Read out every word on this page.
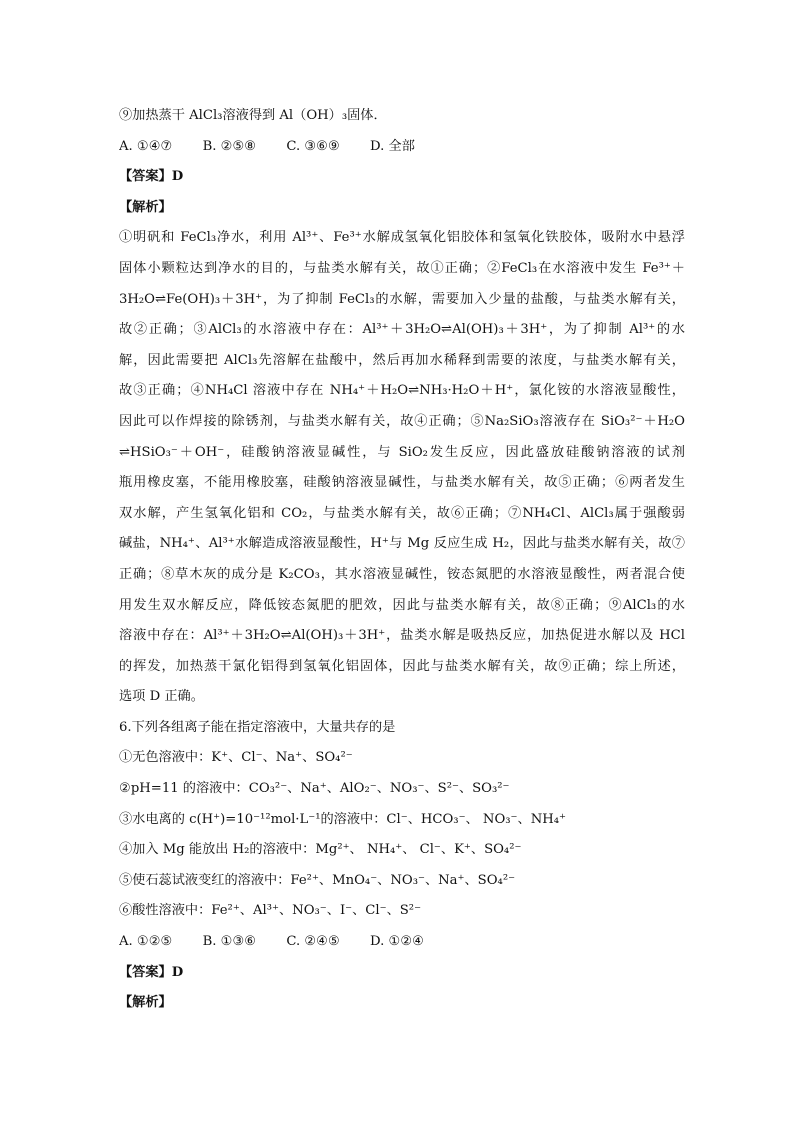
⑨加热蒸干 AlCl₃溶液得到 Al（OH）₃固体．
A. ①④⑦ B. ②⑤⑧ C. ③⑥⑨ D. 全部
【答案】D
【解析】
①明矾和 FeCl₃净水，利用 Al³⁺、Fe³⁺水解成氢氧化铝胶体和氢氧化铁胶体，吸附水中悬浮
固体小颗粒达到净水的目的，与盐类水解有关，故①正确；②FeCl₃在水溶液中发生 Fe³⁺＋
3H₂O⇌Fe(OH)₃＋3H⁺，为了抑制 FeCl₃的水解，需要加入少量的盐酸，与盐类水解有关，
故②正确；③AlCl₃的水溶液中存在：Al³⁺＋3H₂O⇌Al(OH)₃＋3H⁺，为了抑制 Al³⁺的水
解，因此需要把 AlCl₃先溶解在盐酸中，然后再加水稀释到需要的浓度，与盐类水解有关，
故③正确；④NH₄Cl 溶液中存在 NH₄⁺＋H₂O⇌NH₃·H₂O＋H⁺，氯化铵的水溶液显酸性，
因此可以作焊接的除锈剂，与盐类水解有关，故④正确；⑤Na₂SiO₃溶液存在 SiO₃²⁻＋H₂O
⇌HSiO₃⁻＋OH⁻，硅酸钠溶液显碱性，与 SiO₂发生反应，因此盛放硅酸钠溶液的试剂
瓶用橡皮塞，不能用橡胶塞，硅酸钠溶液显碱性，与盐类水解有关，故⑤正确；⑥两者发生
双水解，产生氢氧化铝和 CO₂，与盐类水解有关，故⑥正确；⑦NH₄Cl、AlCl₃属于强酸弱
碱盐，NH₄⁺、Al³⁺水解造成溶液显酸性，H⁺与 Mg 反应生成 H₂，因此与盐类水解有关，故⑦
正确；⑧草木灰的成分是 K₂CO₃，其水溶液显碱性，铵态氮肥的水溶液显酸性，两者混合使
用发生双水解反应，降低铵态氮肥的肥效，因此与盐类水解有关，故⑧正确；⑨AlCl₃的水
溶液中存在：Al³⁺＋3H₂O⇌Al(OH)₃＋3H⁺，盐类水解是吸热反应，加热促进水解以及 HCl
的挥发，加热蒸干氯化铝得到氢氧化铝固体，因此与盐类水解有关，故⑨正确；综上所述，
选项 D 正确。
6.下列各组离子能在指定溶液中，大量共存的是
①无色溶液中：K⁺、Cl⁻、Na⁺、SO₄²⁻
②pH=11 的溶液中：CO₃²⁻、Na⁺、AlO₂⁻、NO₃⁻、S²⁻、SO₃²⁻
③水电离的 c(H⁺)=10⁻¹²mol·L⁻¹的溶液中：Cl⁻、HCO₃⁻、 NO₃⁻、NH₄⁺
④加入 Mg 能放出 H₂的溶液中：Mg²⁺、 NH₄⁺、 Cl⁻、K⁺、SO₄²⁻
⑤使石蕊试液变红的溶液中：Fe²⁺、MnO₄⁻、NO₃⁻、Na⁺、SO₄²⁻
⑥酸性溶液中：Fe²⁺、Al³⁺、NO₃⁻、I⁻、Cl⁻、S²⁻
A. ①②⑤ B. ①③⑥ C. ②④⑤ D. ①②④
【答案】D
【解析】
